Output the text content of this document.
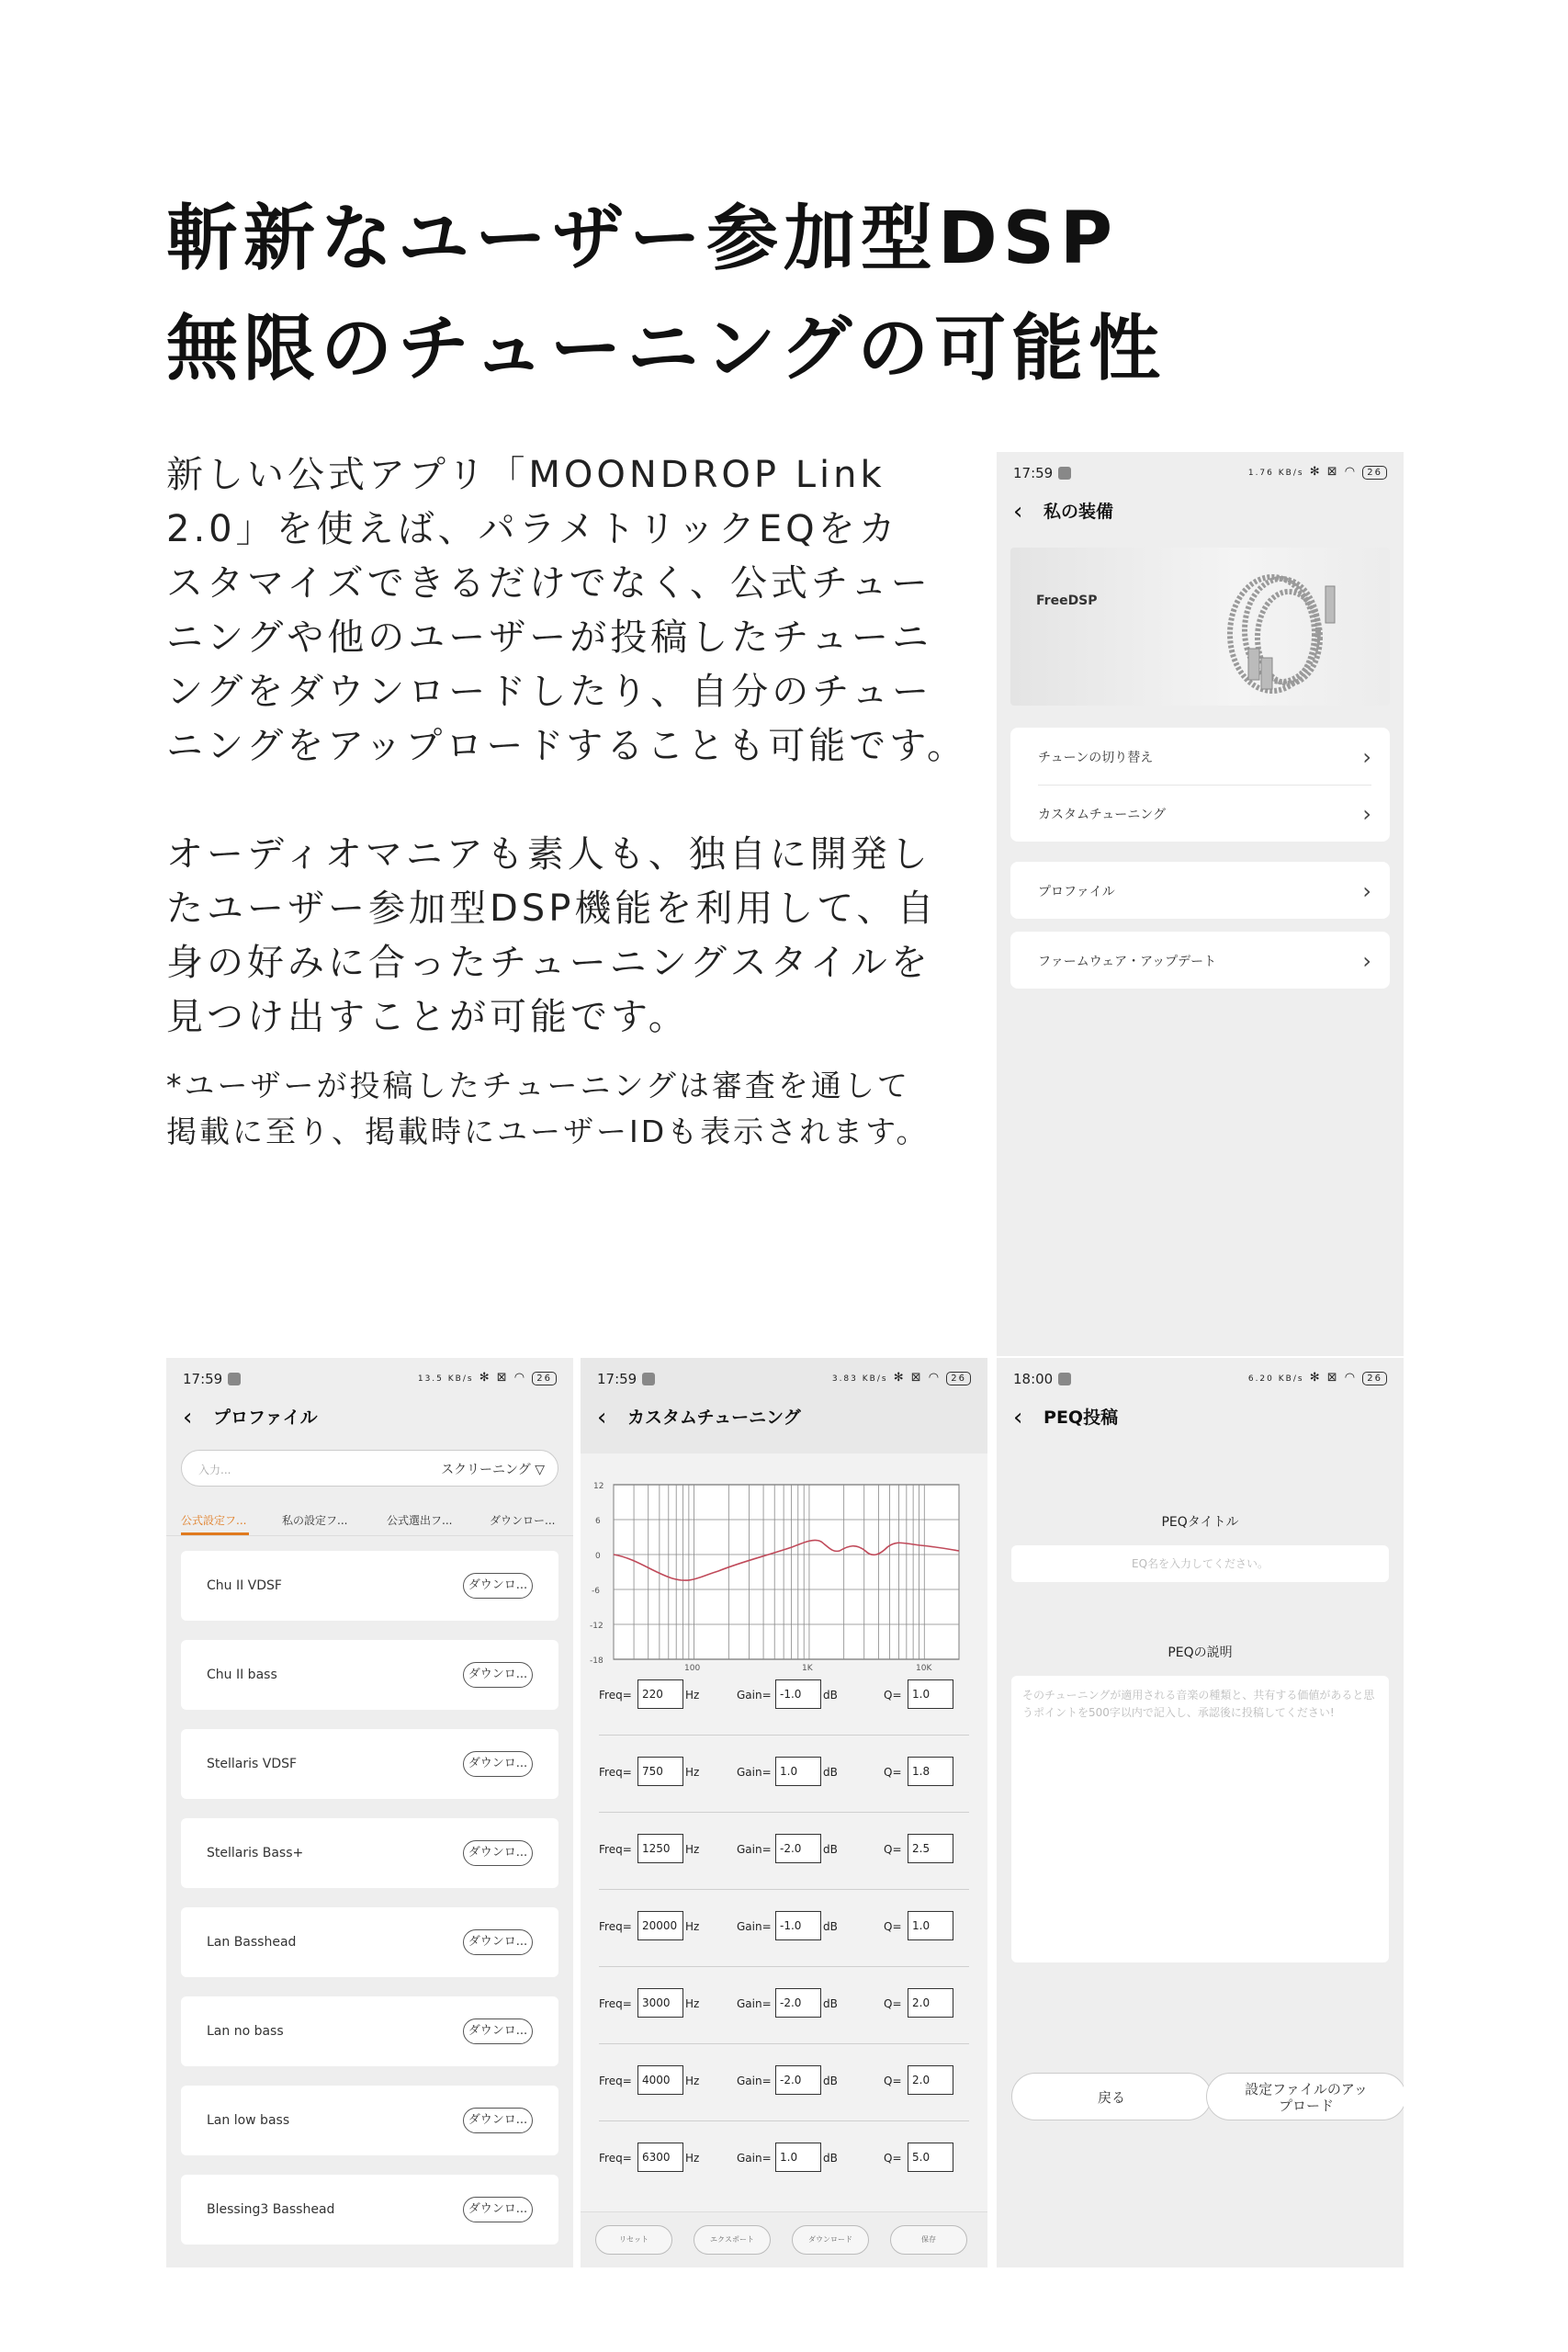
斬新なユーザー参加型DSP
無限のチューニングの可能性

新しい公式アプリ「MOONDROP Link
2.0」を使えば、パラメトリックEQをカ
スタマイズできるだけでなく、公式チュー
ニングや他のユーザーが投稿したチューニ
ングをダウンロードしたり、自分のチュー
ニングをアップロードすることも可能です。

オーディオマニアも素人も、独自に開発し
たユーザー参加型DSP機能を利用して、自
身の好みに合ったチューニングスタイルを
見つけ出すことが可能です。

*ユーザーが投稿したチューニングは審査を通して
掲載に至り、掲載時にユーザーIDも表示されます。

17:59	1.76 KB/s ✻ ⊠ ◠ 26
‹ 私の装備
FreeDSP
チューンの切り替え	›
カスタムチューニング	›
プロファイル	›
ファームウェア・アップデート	›
17:59	13.5 KB/s ✻ ⊠ ◠ 26
‹ プロファイル
入力...	スクリーニング ▽
公式設定フ...	私の設定フ...	公式選出フ...	ダウンロー...
Chu II VDSF	ダウンロ...
Chu II bass	ダウンロ...
Stellaris VDSF	ダウンロ...
Stellaris Bass+	ダウンロ...
Lan Basshead	ダウンロ...
Lan no bass	ダウンロ...
Lan low bass	ダウンロ...
Blessing3 Basshead	ダウンロ...
17:59	3.83 KB/s ✻ ⊠ ◠ 26
‹ カスタムチューニング
12
6
0
-6
-12
-18
100	1K	10K
Freq= 220	Hz	Gain= -1.0	dB	Q= 1.0
Freq= 750	Hz	Gain= 1.0	dB	Q= 1.8
Freq= 1250	Hz	Gain= -2.0	dB	Q= 2.5
Freq= 20000 Hz	Gain= -1.0	dB	Q= 1.0
Freq= 3000	Hz	Gain= -2.0	dB	Q= 2.0
Freq= 4000	Hz	Gain= -2.0	dB	Q= 2.0
Freq= 6300	Hz	Gain= 1.0	dB	Q= 5.0
リセット	エクスポート	ダウンロード	保存
18:00	6.20 KB/s ✻ ⊠ ◠ 26
‹ PEQ投稿
PEQタイトル
EQ名を入力してください。
PEQの説明
そのチューニングが適用される音楽の種類と、共有する価値があると思うポイントを500字以内で記入し、承認後に投稿してください!
戻る	設定ファイルのアッ
プロード
